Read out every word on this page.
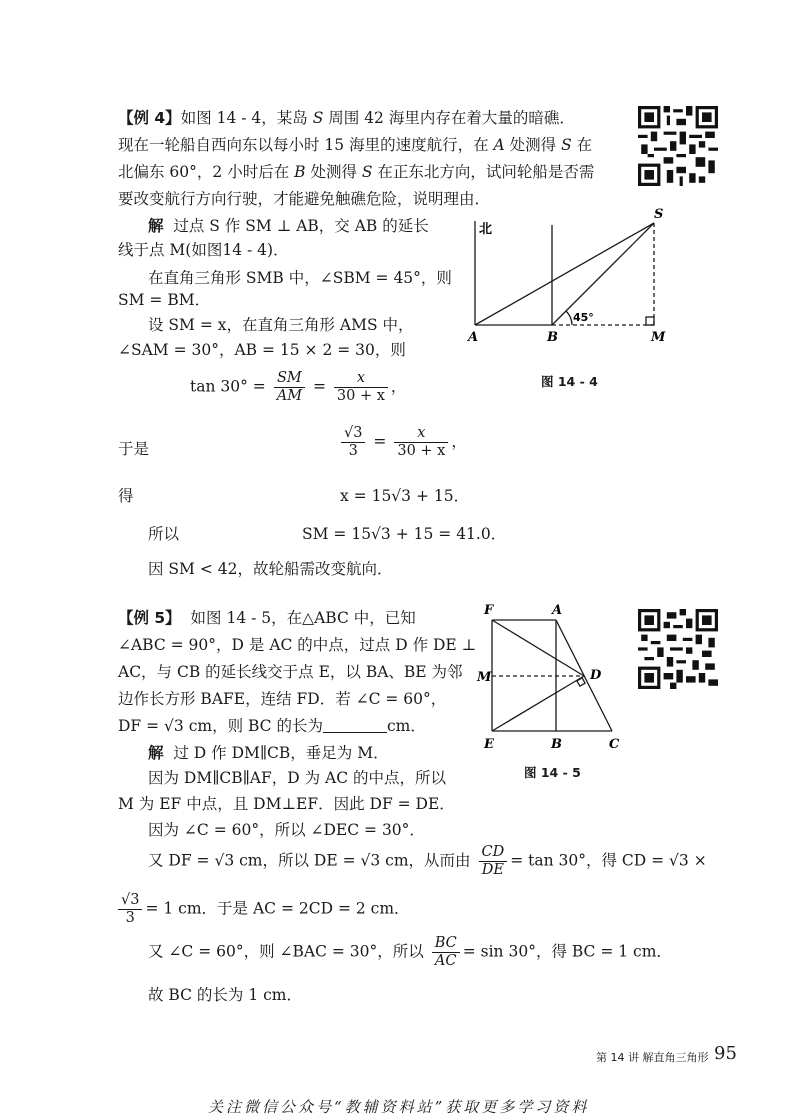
【例 4】如图 14 - 4，某岛 S 周围 42 海里内存在着大量的暗礁．
现在一轮船自西向东以每小时 15 海里的速度航行，在 A 处测得 S 在
北偏东 60°，2 小时后在 B 处测得 S 在正东北方向，试问轮船是否需
要改变航行方向行驶，才能避免触礁危险，说明理由．
解 过点 S 作 SM ⊥ AB，交 AB 的延长
线于点 M(如图14 - 4)．
在直角三角形 SMB 中，∠SBM = 45°，则
SM = BM．
设 SM = x，在直角三角形 AMS 中，
∠SAM = 30°，AB = 15 × 2 = 30，则
$\tan 30^\circ = \frac{SM}{AM} = \frac{x}{30 + x}$ ，
于是	$\frac{√3}{3} = \frac{x}{30 + x}$ ，
得	x = 15√3 + 15．
所以	SM = 15√3 + 15 = 41.0．
因 SM < 42，故轮船需改变航向．
北
S
A	B	M
45°
图 14 - 4
【例 5】 如图 14 - 5，在△ABC 中，已知
∠ABC = 90°，D 是 AC 的中点，过点 D 作 DE ⊥
AC，与 CB 的延长线交于点 E，以 BA、BE 为邻
边作长方形 BAFE，连结 FD．若 ∠C = 60°，
DF = √3 cm，则 BC 的长为	cm．
解 过 D 作 DM∥CB，垂足为 M．
因为 DM∥CB∥AF，D 为 AC 的中点，所以
M 为 EF 中点，且 DM⊥EF．因此 DF = DE．
因为 ∠C = 60°，所以 ∠DEC = 30°．
又 DF = √3 cm，所以 DE = √3 cm，从而由 $\frac{CD}{DE} = \tan 30^\circ$，得 CD = √3 ×
$\frac{√3}{3} = 1$ cm．于是 AC = 2CD = 2 cm．
又 ∠C = 60°，则 ∠BAC = 30°，所以 $\frac{BC}{AC} = \sin 30^\circ$，得 BC = 1 cm．
故 BC 的长为 1 cm．
F	A
M	D
E	B	C
图 14 - 5
第 14 讲 解直角三角形 95
关注微信公众号“教辅资料站”获取更多学习资料
